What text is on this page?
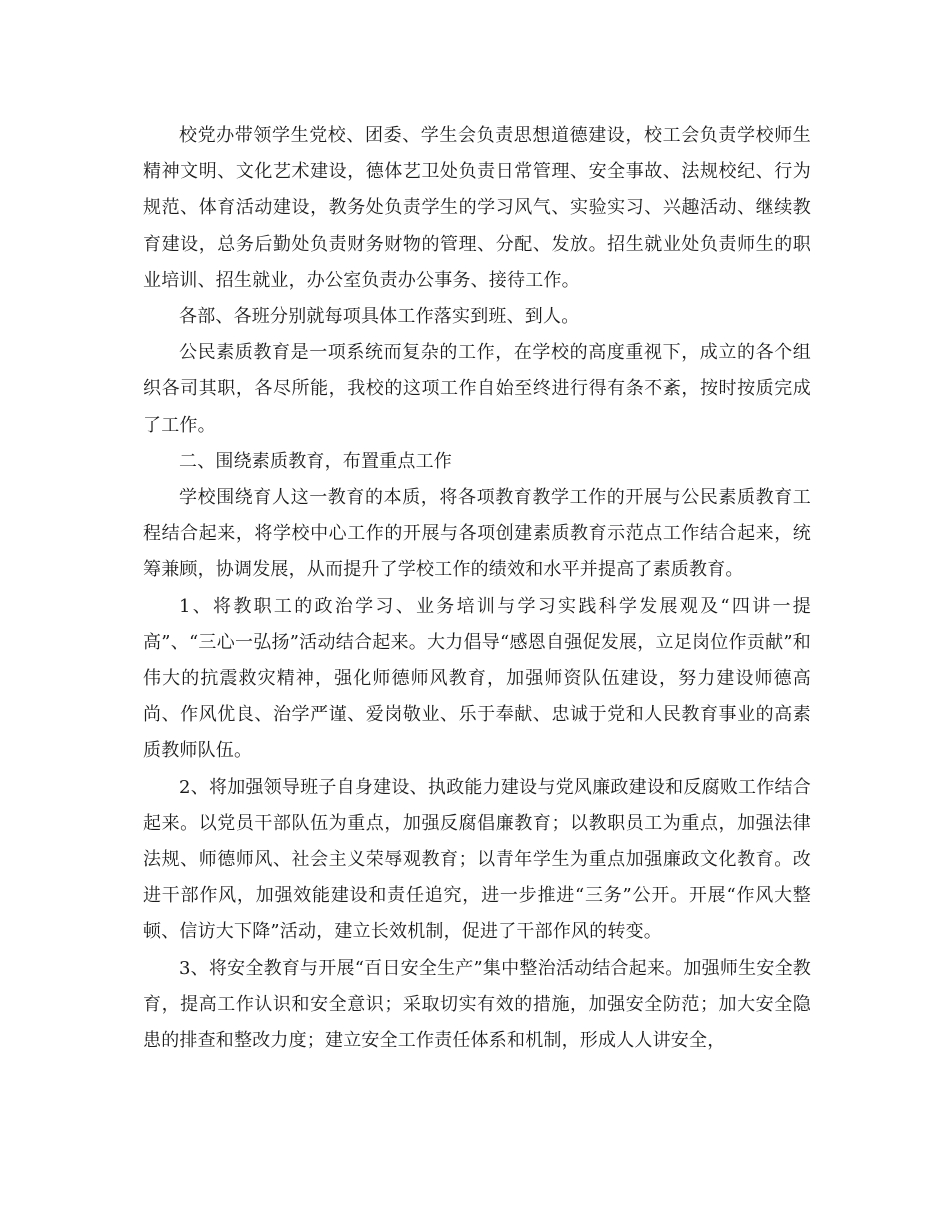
校党办带领学生党校、团委、学生会负责思想道德建设，校工会负责学校师生精神文明、文化艺术建设，德体艺卫处负责日常管理、安全事故、法规校纪、行为规范、体育活动建设，教务处负责学生的学习风气、实验实习、兴趣活动、继续教育建设，总务后勤处负责财务财物的管理、分配、发放。招生就业处负责师生的职业培训、招生就业，办公室负责办公事务、接待工作。

各部、各班分别就每项具体工作落实到班、到人。

公民素质教育是一项系统而复杂的工作，在学校的高度重视下，成立的各个组织各司其职，各尽所能，我校的这项工作自始至终进行得有条不紊，按时按质完成了工作。

二、围绕素质教育，布置重点工作

学校围绕育人这一教育的本质，将各项教育教学工作的开展与公民素质教育工程结合起来，将学校中心工作的开展与各项创建素质教育示范点工作结合起来，统筹兼顾，协调发展，从而提升了学校工作的绩效和水平并提高了素质教育。

1、将教职工的政治学习、业务培训与学习实践科学发展观及“四讲一提高”、“三心一弘扬”活动结合起来。大力倡导“感恩自强促发展，立足岗位作贡献”和伟大的抗震救灾精神，强化师德师风教育，加强师资队伍建设，努力建设师德高尚、作风优良、治学严谨、爱岗敬业、乐于奉献、忠诚于党和人民教育事业的高素质教师队伍。

2、将加强领导班子自身建设、执政能力建设与党风廉政建设和反腐败工作结合起来。以党员干部队伍为重点，加强反腐倡廉教育；以教职员工为重点，加强法律法规、师德师风、社会主义荣辱观教育；以青年学生为重点加强廉政文化教育。改进干部作风，加强效能建设和责任追究，进一步推进“三务”公开。开展“作风大整顿、信访大下降”活动，建立长效机制，促进了干部作风的转变。

3、将安全教育与开展“百日安全生产”集中整治活动结合起来。加强师生安全教育，提高工作认识和安全意识；采取切实有效的措施，加强安全防范；加大安全隐患的排查和整改力度；建立安全工作责任体系和机制，形成人人讲安全，
